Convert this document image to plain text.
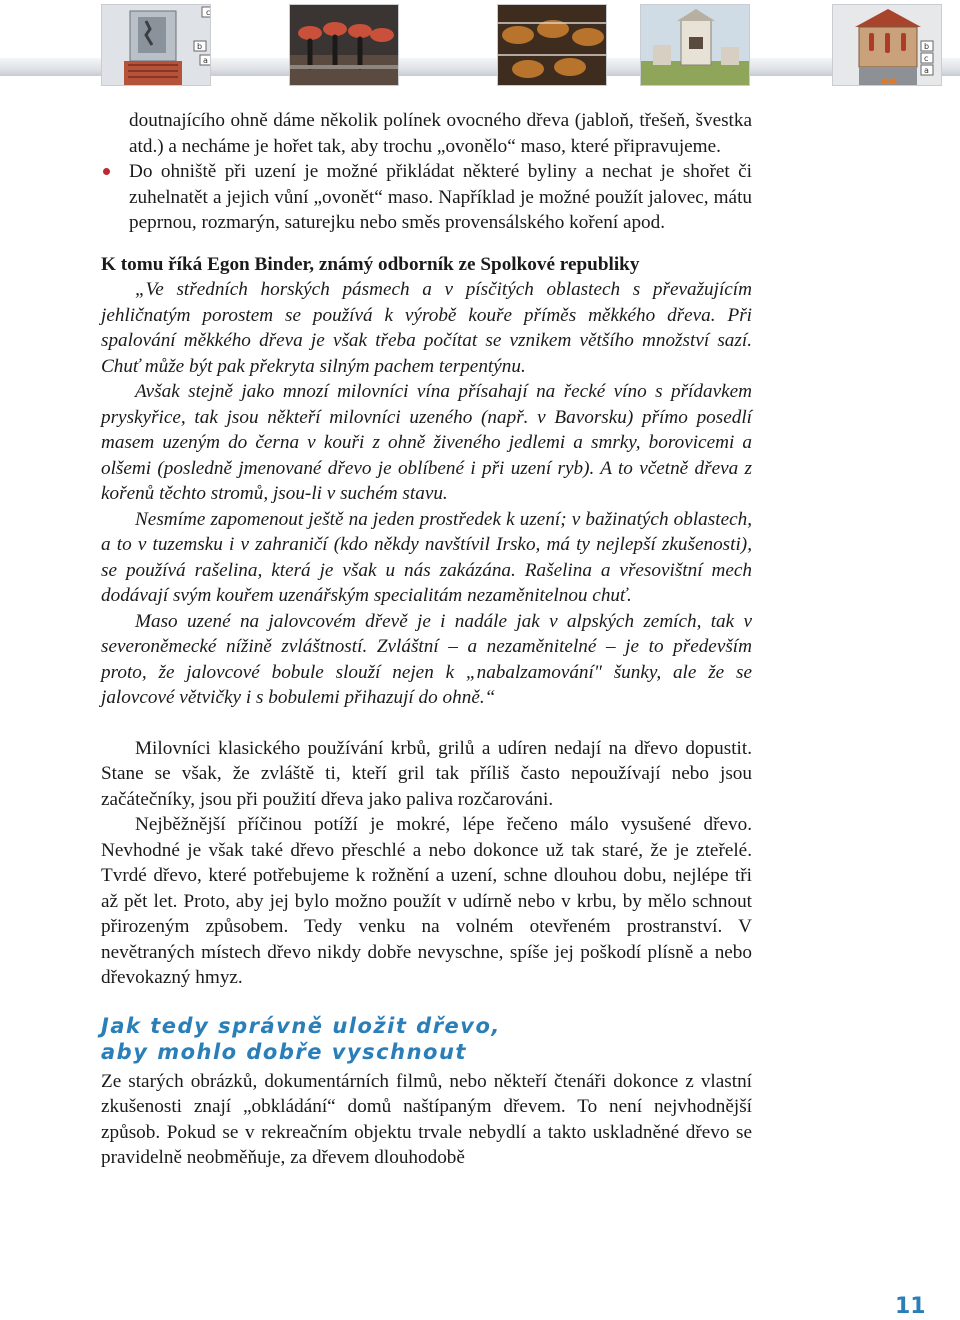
c
b
a
b
c
a

doutnajícího ohně dáme několik polínek ovocného dřeva (jabloň, třešeň, švestka atd.) a necháme je hořet tak, aby trochu „ovonělo“ maso, které připravujeme.

Do ohniště při uzení je možné přikládat některé byliny a nechat je shořet či zuhelnatět a jejich vůní „ovonět“ maso. Například je možné použít jalovec, mátu peprnou, rozmarýn, saturejku nebo směs provensálského koření apod.

K tomu říká Egon Binder, známý odborník ze Spolkové republiky

„Ve středních horských pásmech a v písčitých oblastech s převažujícím jehličnatým porostem se používá k výrobě kouře příměs měkkého dřeva. Při spalování měkkého dřeva je však třeba počítat se vznikem většího množství sazí. Chuť může být pak překryta silným pachem terpentýnu.

Avšak stejně jako mnozí milovníci vína přísahají na řecké víno s přídavkem pryskyřice, tak jsou někteří milovníci uzeného (např. v Bavorsku) přímo posedlí masem uzeným do černa v kouři z ohně živeného jedlemi a smrky, borovicemi a olšemi (posledně jmenované dřevo je oblíbené i při uzení ryb). A to včetně dřeva z kořenů těchto stromů, jsou-li v suchém stavu.

Nesmíme zapomenout ještě na jeden prostředek k uzení; v bažinatých oblastech, a to v tuzemsku i v zahraničí (kdo někdy navštívil Irsko, má ty nejlepší zkušenosti), se používá rašelina, která je však u nás zakázána. Rašelina a vřesovištní mech dodávají svým kouřem uzenářským specialitám nezaměnitelnou chuť.

Maso uzené na jalovcovém dřevě je i nadále jak v alpských zemích, tak v severoněmecké nížině zvláštností. Zvláštní – a nezaměnitelné – je to především proto, že jalovcové bobule slouží nejen k „nabalzamování" šunky, ale že se jalovcové větvičky i s bobulemi přihazují do ohně.“

Milovníci klasického používání krbů, grilů a udíren nedají na dřevo dopustit. Stane se však, že zvláště ti, kteří gril tak příliš často nepoužívají nebo jsou začátečníky, jsou při použití dřeva jako paliva rozčarováni.

Nejběžnější příčinou potíží je mokré, lépe řečeno málo vysušené dřevo. Nevhodné je však také dřevo přeschlé a nebo dokonce už tak staré, že je zteřelé. Tvrdé dřevo, které potřebujeme k rožnění a uzení, schne dlouhou dobu, nejlépe tři až pět let. Proto, aby jej bylo možno použít v udírně nebo v krbu, by mělo schnout přirozeným způsobem. Tedy venku na volném otevřeném prostranství. V nevětraných místech dřevo nikdy dobře nevyschne, spíše jej poškodí plísně a nebo dřevokazný hmyz.

Jak tedy správně uložit dřevo,
aby mohlo dobře vyschnout

Ze starých obrázků, dokumentárních filmů, nebo někteří čtenáři dokonce z vlastní zkušenosti znají „obkládání“ domů naštípaným dřevem. To není nejvhodnější způsob. Pokud se v rekreačním objektu trvale nebydlí a takto uskladněné dřevo se pravidelně neobměňuje, za dřevem dlouhodobě

11
